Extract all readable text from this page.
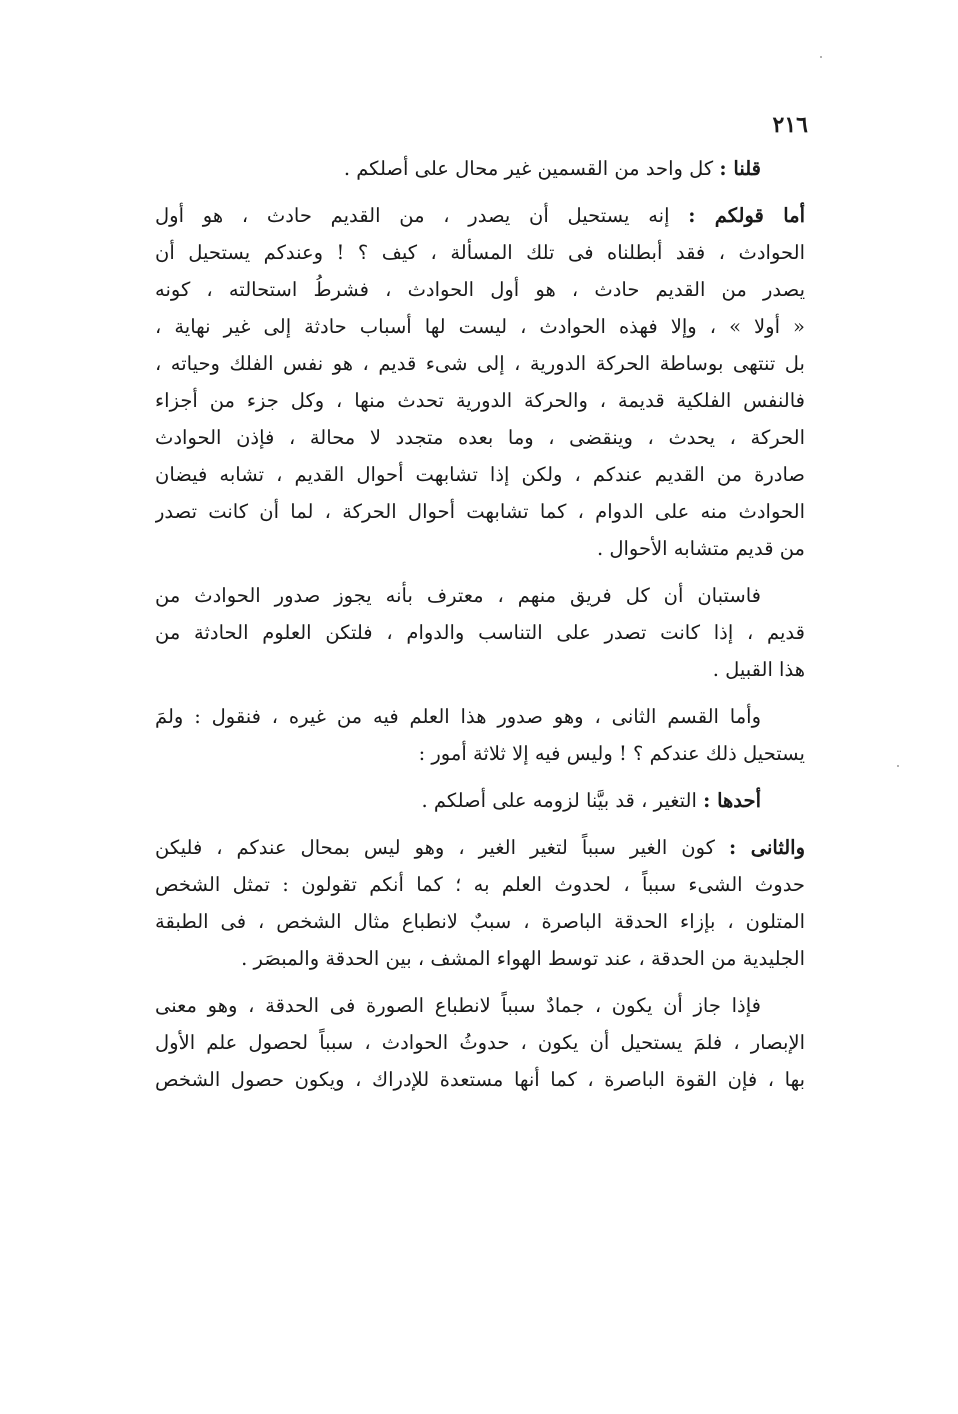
٢١٦
قلنا : كل واحد من القسمين غير محال على أصلكم .
أما قولكم : إنه يستحيل أن يصدر ، من القديم حادث ، هو أول
الحوادث ، فقد أبطلناه فى تلك المسألة ، كيف ؟ ! وعندكم يستحيل أن
يصدر من القديم حادث ، هو أول الحوادث ، فشرطُ استحالته ، كونه
« أولا » ، وإلا فهذه الحوادث ، ليست لها أسباب حادثة إلى غير نهاية ،
بل تنتهى بوساطة الحركة الدورية ، إلى شىء قديم ، هو نفس الفلك وحياته ،
فالنفس الفلكية قديمة ، والحركة الدورية تحدث منها ، وكل جزء من أجزاء
الحركة ، يحدث ، وينقضى ، وما بعده متجدد لا محالة ، فإذن الحوادث
صادرة من القديم عندكم ، ولكن إذا تشابهت أحوال القديم ، تشابه فيضان
الحوادث منه على الدوام ، كما تشابهت أحوال الحركة ، لما أن كانت تصدر
من قديم متشابه الأحوال .
فاستبان أن كل فريق منهم ، معترف بأنه يجوز صدور الحوادث من
قديم ، إذا كانت تصدر على التناسب والدوام ، فلتكن العلوم الحادثة من
هذا القبيل .
وأما القسم الثانى ، وهو صدور هذا العلم فيه من غيره ، فنقول : ولمَ
يستحيل ذلك عندكم ؟ ! وليس فيه إلا ثلاثة أمور :
أحدها : التغير ، قد بيَّنا لزومه على أصلكم .
والثانى : كون الغير سبباً لتغير الغير ، وهو ليس بمحال عندكم ، فليكن
حدوث الشىء سبباً ، لحدوث العلم به ؛ كما أنكم تقولون : تمثل الشخص
المتلون ، بإزاء الحدقة الباصرة ، سببٌ لانطباع مثال الشخص ، فى الطبقة
الجليدية من الحدقة ، عند توسط الهواء المشف ، بين الحدقة والمبصَر .
فإذا جاز أن يكون ، جمادٌ سبباً لانطباع الصورة فى الحدقة ، وهو معنى
الإبصار ، فلمَ يستحيل أن يكون ، حدوثُ الحوادث ، سبباً لحصول علم الأول
بها ، فإن القوة الباصرة ، كما أنها مستعدة للإدراك ، ويكون حصول الشخص
